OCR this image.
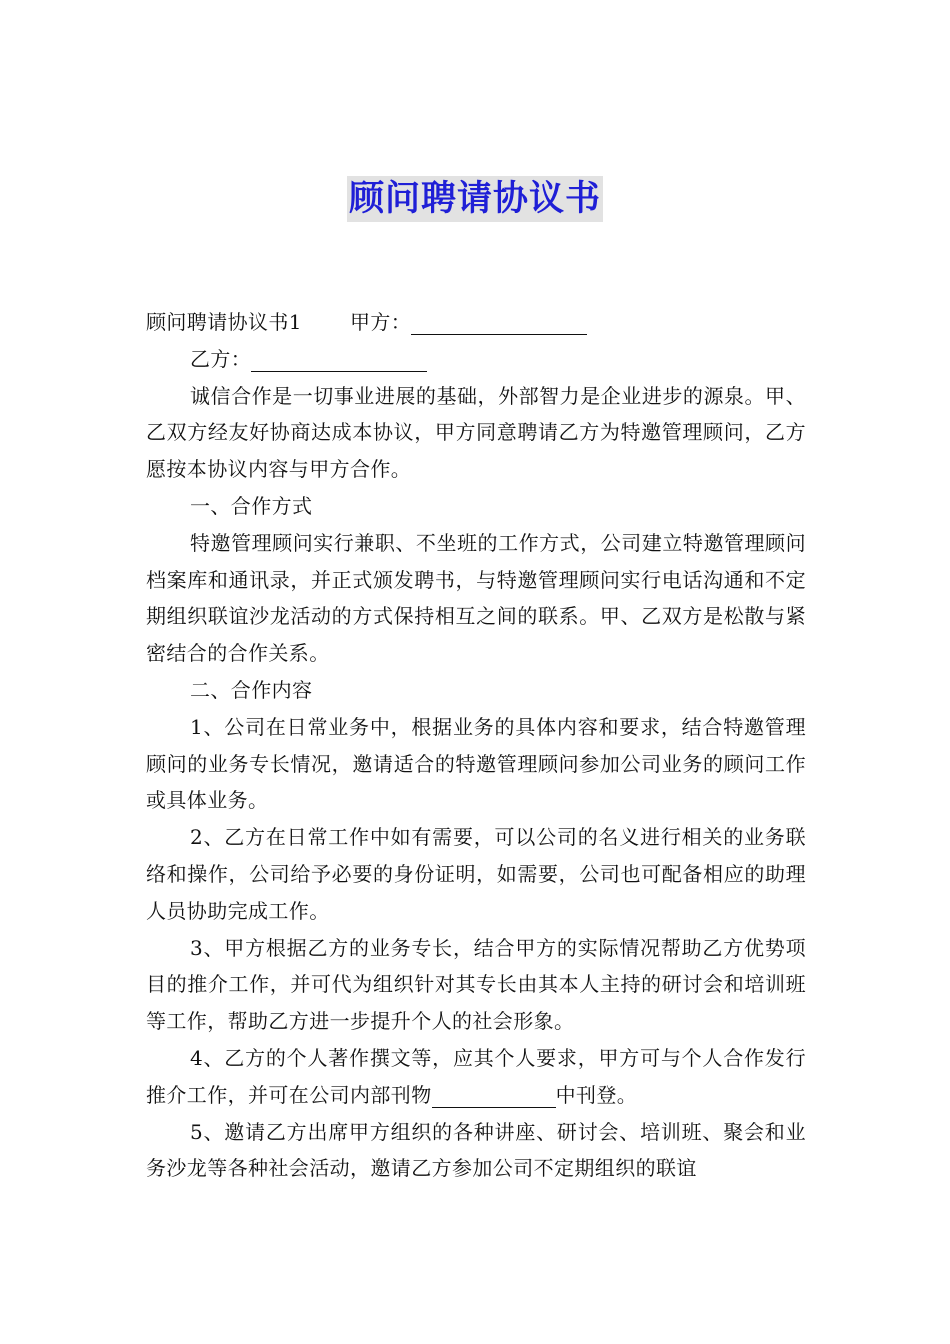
顾问聘请协议书

顾问聘请协议书1 甲方：

乙方：

诚信合作是一切事业进展的基础，外部智力是企业进步的源泉。甲、乙双方经友好协商达成本协议，甲方同意聘请乙方为特邀管理顾问，乙方愿按本协议内容与甲方合作。

一、合作方式

特邀管理顾问实行兼职、不坐班的工作方式，公司建立特邀管理顾问档案库和通讯录，并正式颁发聘书，与特邀管理顾问实行电话沟通和不定期组织联谊沙龙活动的方式保持相互之间的联系。甲、乙双方是松散与紧密结合的合作关系。

二、合作内容

1、公司在日常业务中，根据业务的具体内容和要求，结合特邀管理顾问的业务专长情况，邀请适合的特邀管理顾问参加公司业务的顾问工作或具体业务。

2、乙方在日常工作中如有需要，可以公司的名义进行相关的业务联络和操作，公司给予必要的身份证明，如需要，公司也可配备相应的助理人员协助完成工作。

3、甲方根据乙方的业务专长，结合甲方的实际情况帮助乙方优势项目的推介工作，并可代为组织针对其专长由其本人主持的研讨会和培训班等工作，帮助乙方进一步提升个人的社会形象。

4、乙方的个人著作撰文等，应其个人要求，甲方可与个人合作发行推介工作，并可在公司内部刊物	中刊登。

5、邀请乙方出席甲方组织的各种讲座、研讨会、培训班、聚会和业务沙龙等各种社会活动，邀请乙方参加公司不定期组织的联谊
